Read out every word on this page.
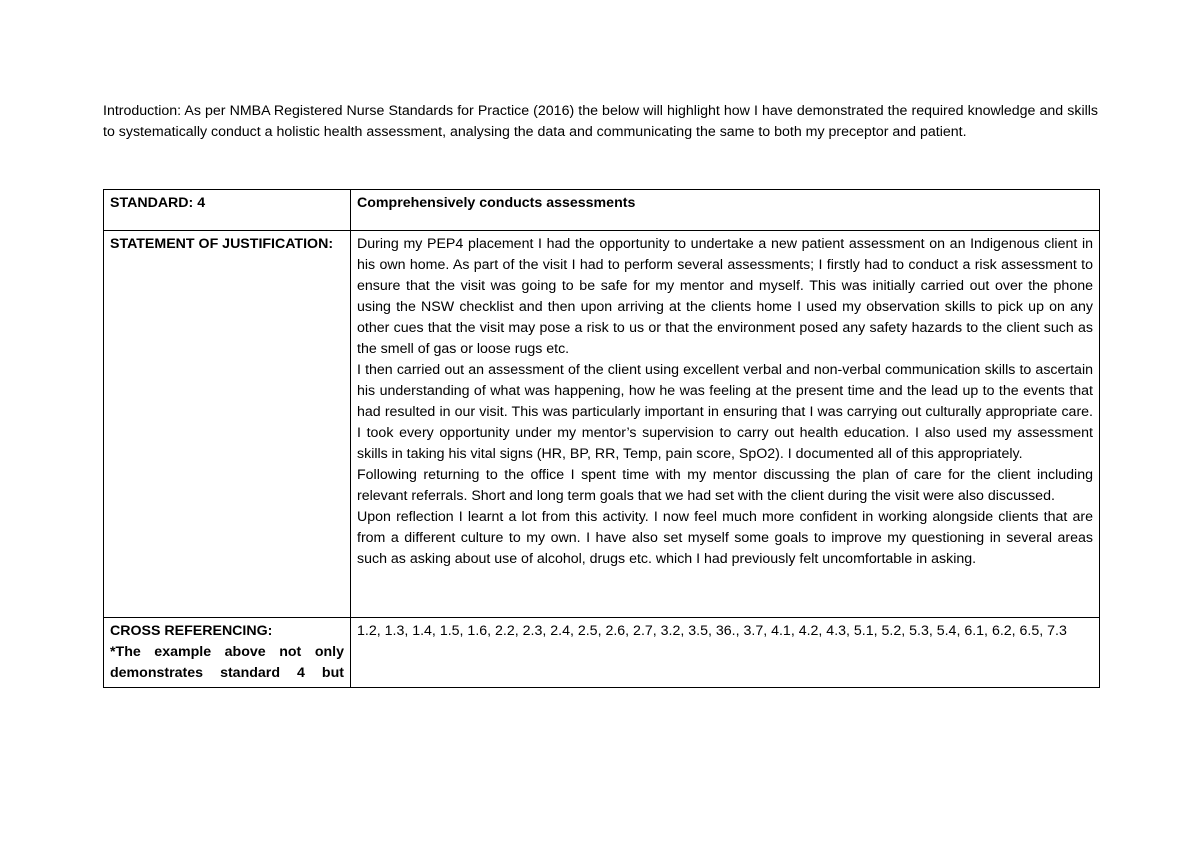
Introduction: As per NMBA Registered Nurse Standards for Practice (2016) the below will highlight how I have demonstrated the required knowledge and skills to systematically conduct a holistic health assessment, analysing the data and communicating the same to both my preceptor and patient.

STANDARD: 4	Comprehensively conducts assessments
STATEMENT OF JUSTIFICATION:	During my PEP4 placement I had the opportunity to undertake a new patient assessment on an Indigenous client in his own home. As part of the visit I had to perform several assessments; I firstly had to conduct a risk assessment to ensure that the visit was going to be safe for my mentor and myself. This was initially carried out over the phone using the NSW checklist and then upon arriving at the clients home I used my observation skills to pick up on any other cues that the visit may pose a risk to us or that the environment posed any safety hazards to the client such as the smell of gas or loose rugs etc.

I then carried out an assessment of the client using excellent verbal and non-verbal communication skills to ascertain his understanding of what was happening, how he was feeling at the present time and the lead up to the events that had resulted in our visit. This was particularly important in ensuring that I was carrying out culturally appropriate care. I took every opportunity under my mentor’s supervision to carry out health education. I also used my assessment skills in taking his vital signs (HR, BP, RR, Temp, pain score, SpO2). I documented all of this appropriately.

Following returning to the office I spent time with my mentor discussing the plan of care for the client including relevant referrals. Short and long term goals that we had set with the client during the visit were also discussed.

Upon reflection I learnt a lot from this activity. I now feel much more confident in working alongside clients that are from a different culture to my own. I have also set myself some goals to improve my questioning in several areas such as asking about use of alcohol, drugs etc. which I had previously felt uncomfortable in asking.

CROSS REFERENCING:
*The example above not only demonstrates standard 4 but	1.2, 1.3, 1.4, 1.5, 1.6, 2.2, 2.3, 2.4, 2.5, 2.6, 2.7, 3.2, 3.5, 36., 3.7, 4.1, 4.2, 4.3, 5.1, 5.2, 5.3, 5.4, 6.1, 6.2, 6.5, 7.3
